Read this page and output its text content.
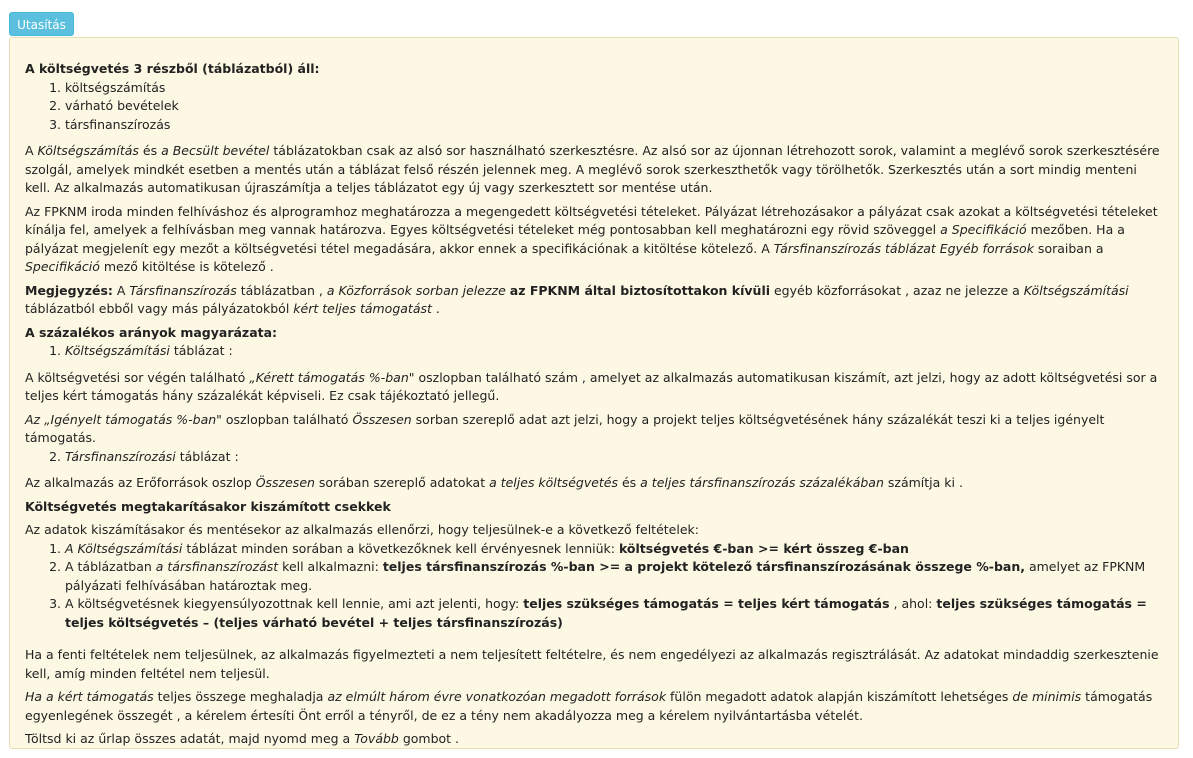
Utasítás

A költségvetés 3 részből (táblázatból) áll:

1. költségszámítás
2. várható bevételek
3. társfinanszírozás

A Költségszámítás és a Becsült bevétel táblázatokban csak az alsó sor használható szerkesztésre. Az alsó sor az újonnan létrehozott sorok, valamint a meglévő sorok szerkesztésére szolgál, amelyek mindkét esetben a mentés után a táblázat felső részén jelennek meg. A meglévő sorok szerkeszthetők vagy törölhetők. Szerkesztés után a sort mindig menteni kell. Az alkalmazás automatikusan újraszámítja a teljes táblázatot egy új vagy szerkesztett sor mentése után.

Az FPKNM iroda minden felhíváshoz és alprogramhoz meghatározza a megengedett költségvetési tételeket. Pályázat létrehozásakor a pályázat csak azokat a költségvetési tételeket kínálja fel, amelyek a felhívásban meg vannak határozva. Egyes költségvetési tételeket még pontosabban kell meghatározni egy rövid szöveggel a Specifikáció mezőben. Ha a pályázat megjelenít egy mezőt a költségvetési tétel megadására, akkor ennek a specifikációnak a kitöltése kötelező. A Társfinanszírozás táblázat Egyéb források soraiban a Specifikáció mező kitöltése is kötelező .

Megjegyzés: A Társfinanszírozás táblázatban , a Közforrások sorban jelezze az FPKNM által biztosítottakon kívüli egyéb közforrásokat , azaz ne jelezze a Költségszámítási táblázatból ebből vagy más pályázatokból kért teljes támogatást .

A százalékos arányok magyarázata:

1. Költségszámítási táblázat :

A költségvetési sor végén található „Kérett támogatás %-ban" oszlopban található szám , amelyet az alkalmazás automatikusan kiszámít, azt jelzi, hogy az adott költségvetési sor a teljes kért támogatás hány százalékát képviseli. Ez csak tájékoztató jellegű.

Az „Igényelt támogatás %-ban" oszlopban található Összesen sorban szereplő adat azt jelzi, hogy a projekt teljes költségvetésének hány százalékát teszi ki a teljes igényelt támogatás.

2. Társfinanszírozási táblázat :

Az alkalmazás az Erőforrások oszlop Összesen sorában szereplő adatokat a teljes költségvetés és a teljes társfinanszírozás százalékában számítja ki .

Költségvetés megtakarításakor kiszámított csekkek

Az adatok kiszámításakor és mentésekor az alkalmazás ellenőrzi, hogy teljesülnek-e a következő feltételek:

1. A Költségszámítási táblázat minden sorában a következőknek kell érvényesnek lenniük: költségvetés €-ban >= kért összeg €-ban
2. A táblázatban a társfinanszírozást kell alkalmazni: teljes társfinanszírozás %-ban >= a projekt kötelező társfinanszírozásának összege %-ban, amelyet az FPKNM pályázati felhívásában határoztak meg.
3. A költségvetésnek kiegyensúlyozottnak kell lennie, ami azt jelenti, hogy: teljes szükséges támogatás = teljes kért támogatás , ahol: teljes szükséges támogatás = teljes költségvetés – (teljes várható bevétel + teljes társfinanszírozás)

Ha a fenti feltételek nem teljesülnek, az alkalmazás figyelmezteti a nem teljesített feltételre, és nem engedélyezi az alkalmazás regisztrálását. Az adatokat mindaddig szerkesztenie kell, amíg minden feltétel nem teljesül.

Ha a kért támogatás teljes összege meghaladja az elmúlt három évre vonatkozóan megadott források fülön megadott adatok alapján kiszámított lehetséges de minimis támogatás egyenlegének összegét , a kérelem értesíti Önt erről a tényről, de ez a tény nem akadályozza meg a kérelem nyilvántartásba vételét.

Töltsd ki az űrlap összes adatát, majd nyomd meg a Tovább gombot .
